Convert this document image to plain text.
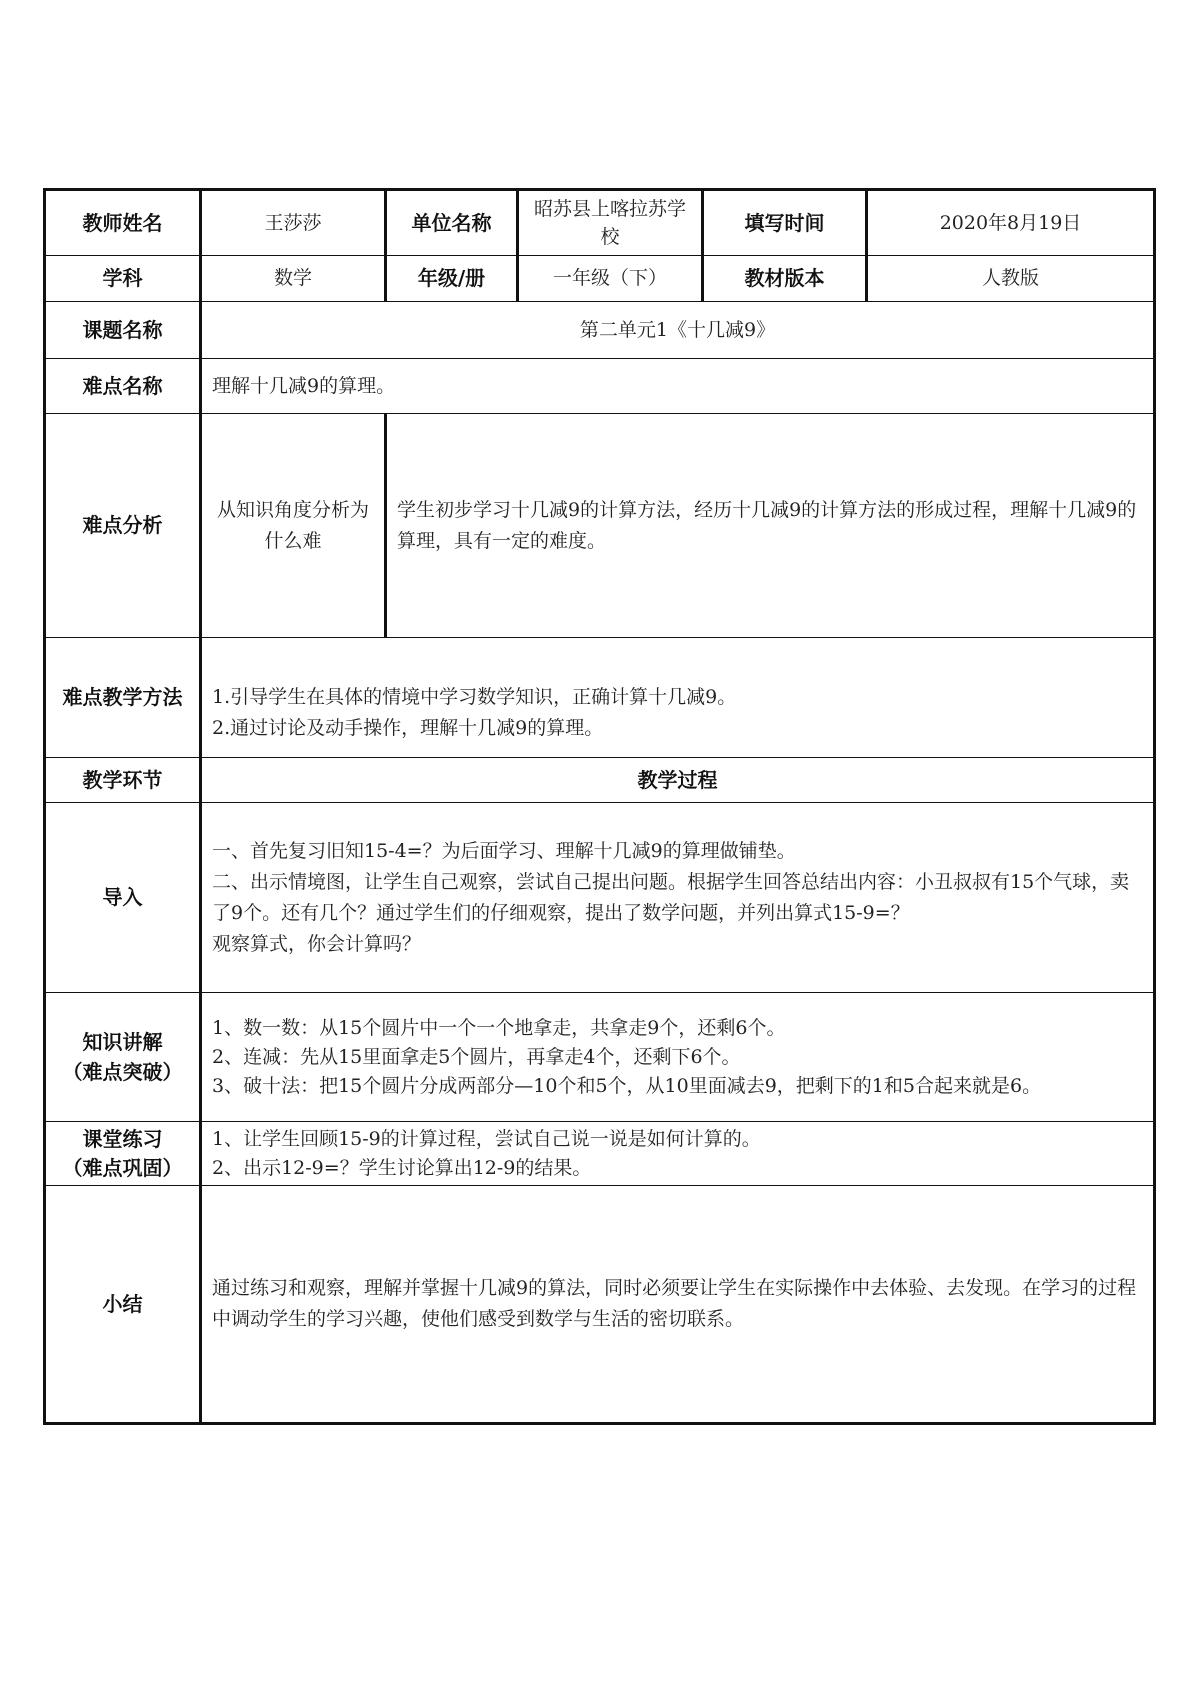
教师姓名	王莎莎	单位名称	昭苏县上喀拉苏学校	填写时间	2020年8月19日
学科	数学	年级/册	一年级（下）	教材版本	人教版
课题名称	第二单元1《十几减9》				
难点名称	理解十几减9的算理。				
难点分析	从知识角度分析为什么难	学生初步学习十几减9的计算方法，经历十几减9的计算方法的形成过程，理解十几减9的算理，具有一定的难度。			
难点教学方法	1.引导学生在具体的情境中学习数学知识，正确计算十几减9。
2.通过讨论及动手操作，理解十几减9的算理。				

教学环节	教学过程				
导入	一、首先复习旧知15-4=？为后面学习、理解十几减9的算理做铺垫。
二、出示情境图，让学生自己观察，尝试自己提出问题。根据学生回答总结出内容：小丑叔叔有15个气球，卖了9个。还有几个？通过学生们的仔细观察，提出了数学问题，并列出算式15-9=？
观察算式，你会计算吗？				

知识讲解
（难点突破）	1、数一数：从15个圆片中一个一个地拿走，共拿走9个，还剩6个。
2、连减：先从15里面拿走5个圆片，再拿走4个，还剩下6个。
3、破十法：把15个圆片分成两部分—10个和5个，从10里面减去9，把剩下的1和5合起来就是6。				

课堂练习
（难点巩固）	1、让学生回顾15-9的计算过程，尝试自己说一说是如何计算的。
2、出示12-9=？学生讨论算出12-9的结果。				

小结	通过练习和观察，理解并掌握十几减9的算法，同时必须要让学生在实际操作中去体验、去发现。在学习的过程中调动学生的学习兴趣，使他们感受到数学与生活的密切联系。				
